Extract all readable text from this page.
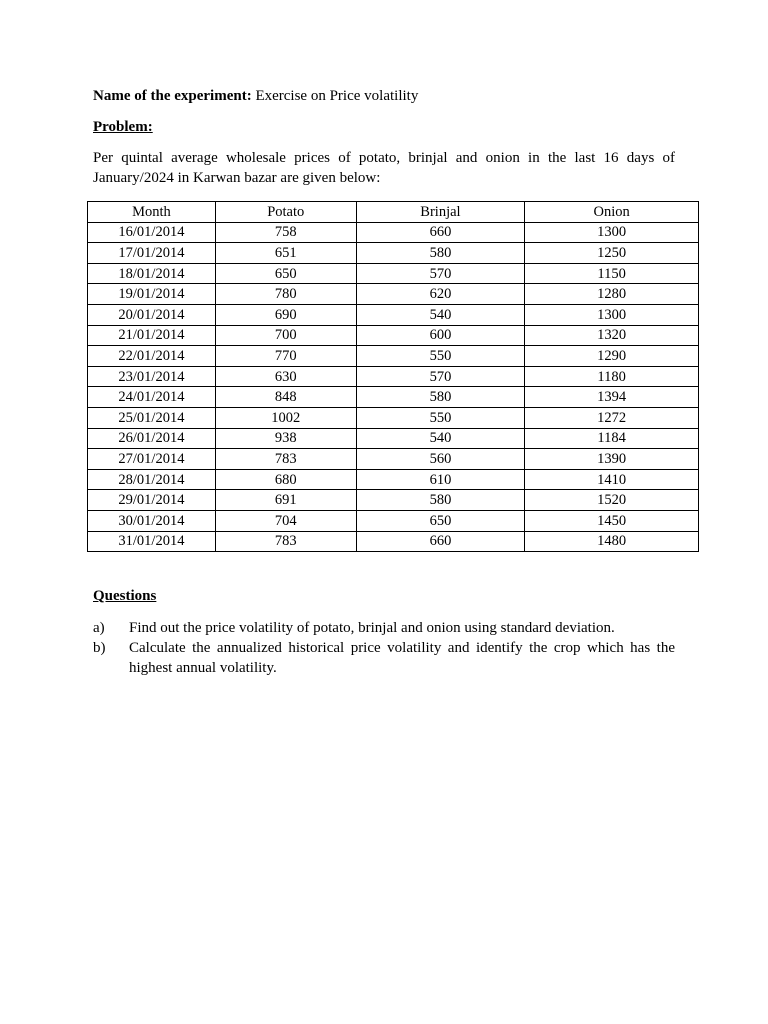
Name of the experiment: Exercise on Price volatility

Problem:

Per quintal average wholesale prices of potato, brinjal and onion in the last 16 days of January/2024 in Karwan bazar are given below:

Month	Potato	Brinjal	Onion
16/01/2014	758	660	1300
17/01/2014	651	580	1250
18/01/2014	650	570	1150
19/01/2014	780	620	1280
20/01/2014	690	540	1300
21/01/2014	700	600	1320
22/01/2014	770	550	1290
23/01/2014	630	570	1180
24/01/2014	848	580	1394
25/01/2014	1002	550	1272
26/01/2014	938	540	1184
27/01/2014	783	560	1390
28/01/2014	680	610	1410
29/01/2014	691	580	1520
30/01/2014	704	650	1450
31/01/2014	783	660	1480

Questions

a)	Find out the price volatility of potato, brinjal and onion using standard deviation.
b)	Calculate the annualized historical price volatility and identify the crop which has the highest annual volatility.
